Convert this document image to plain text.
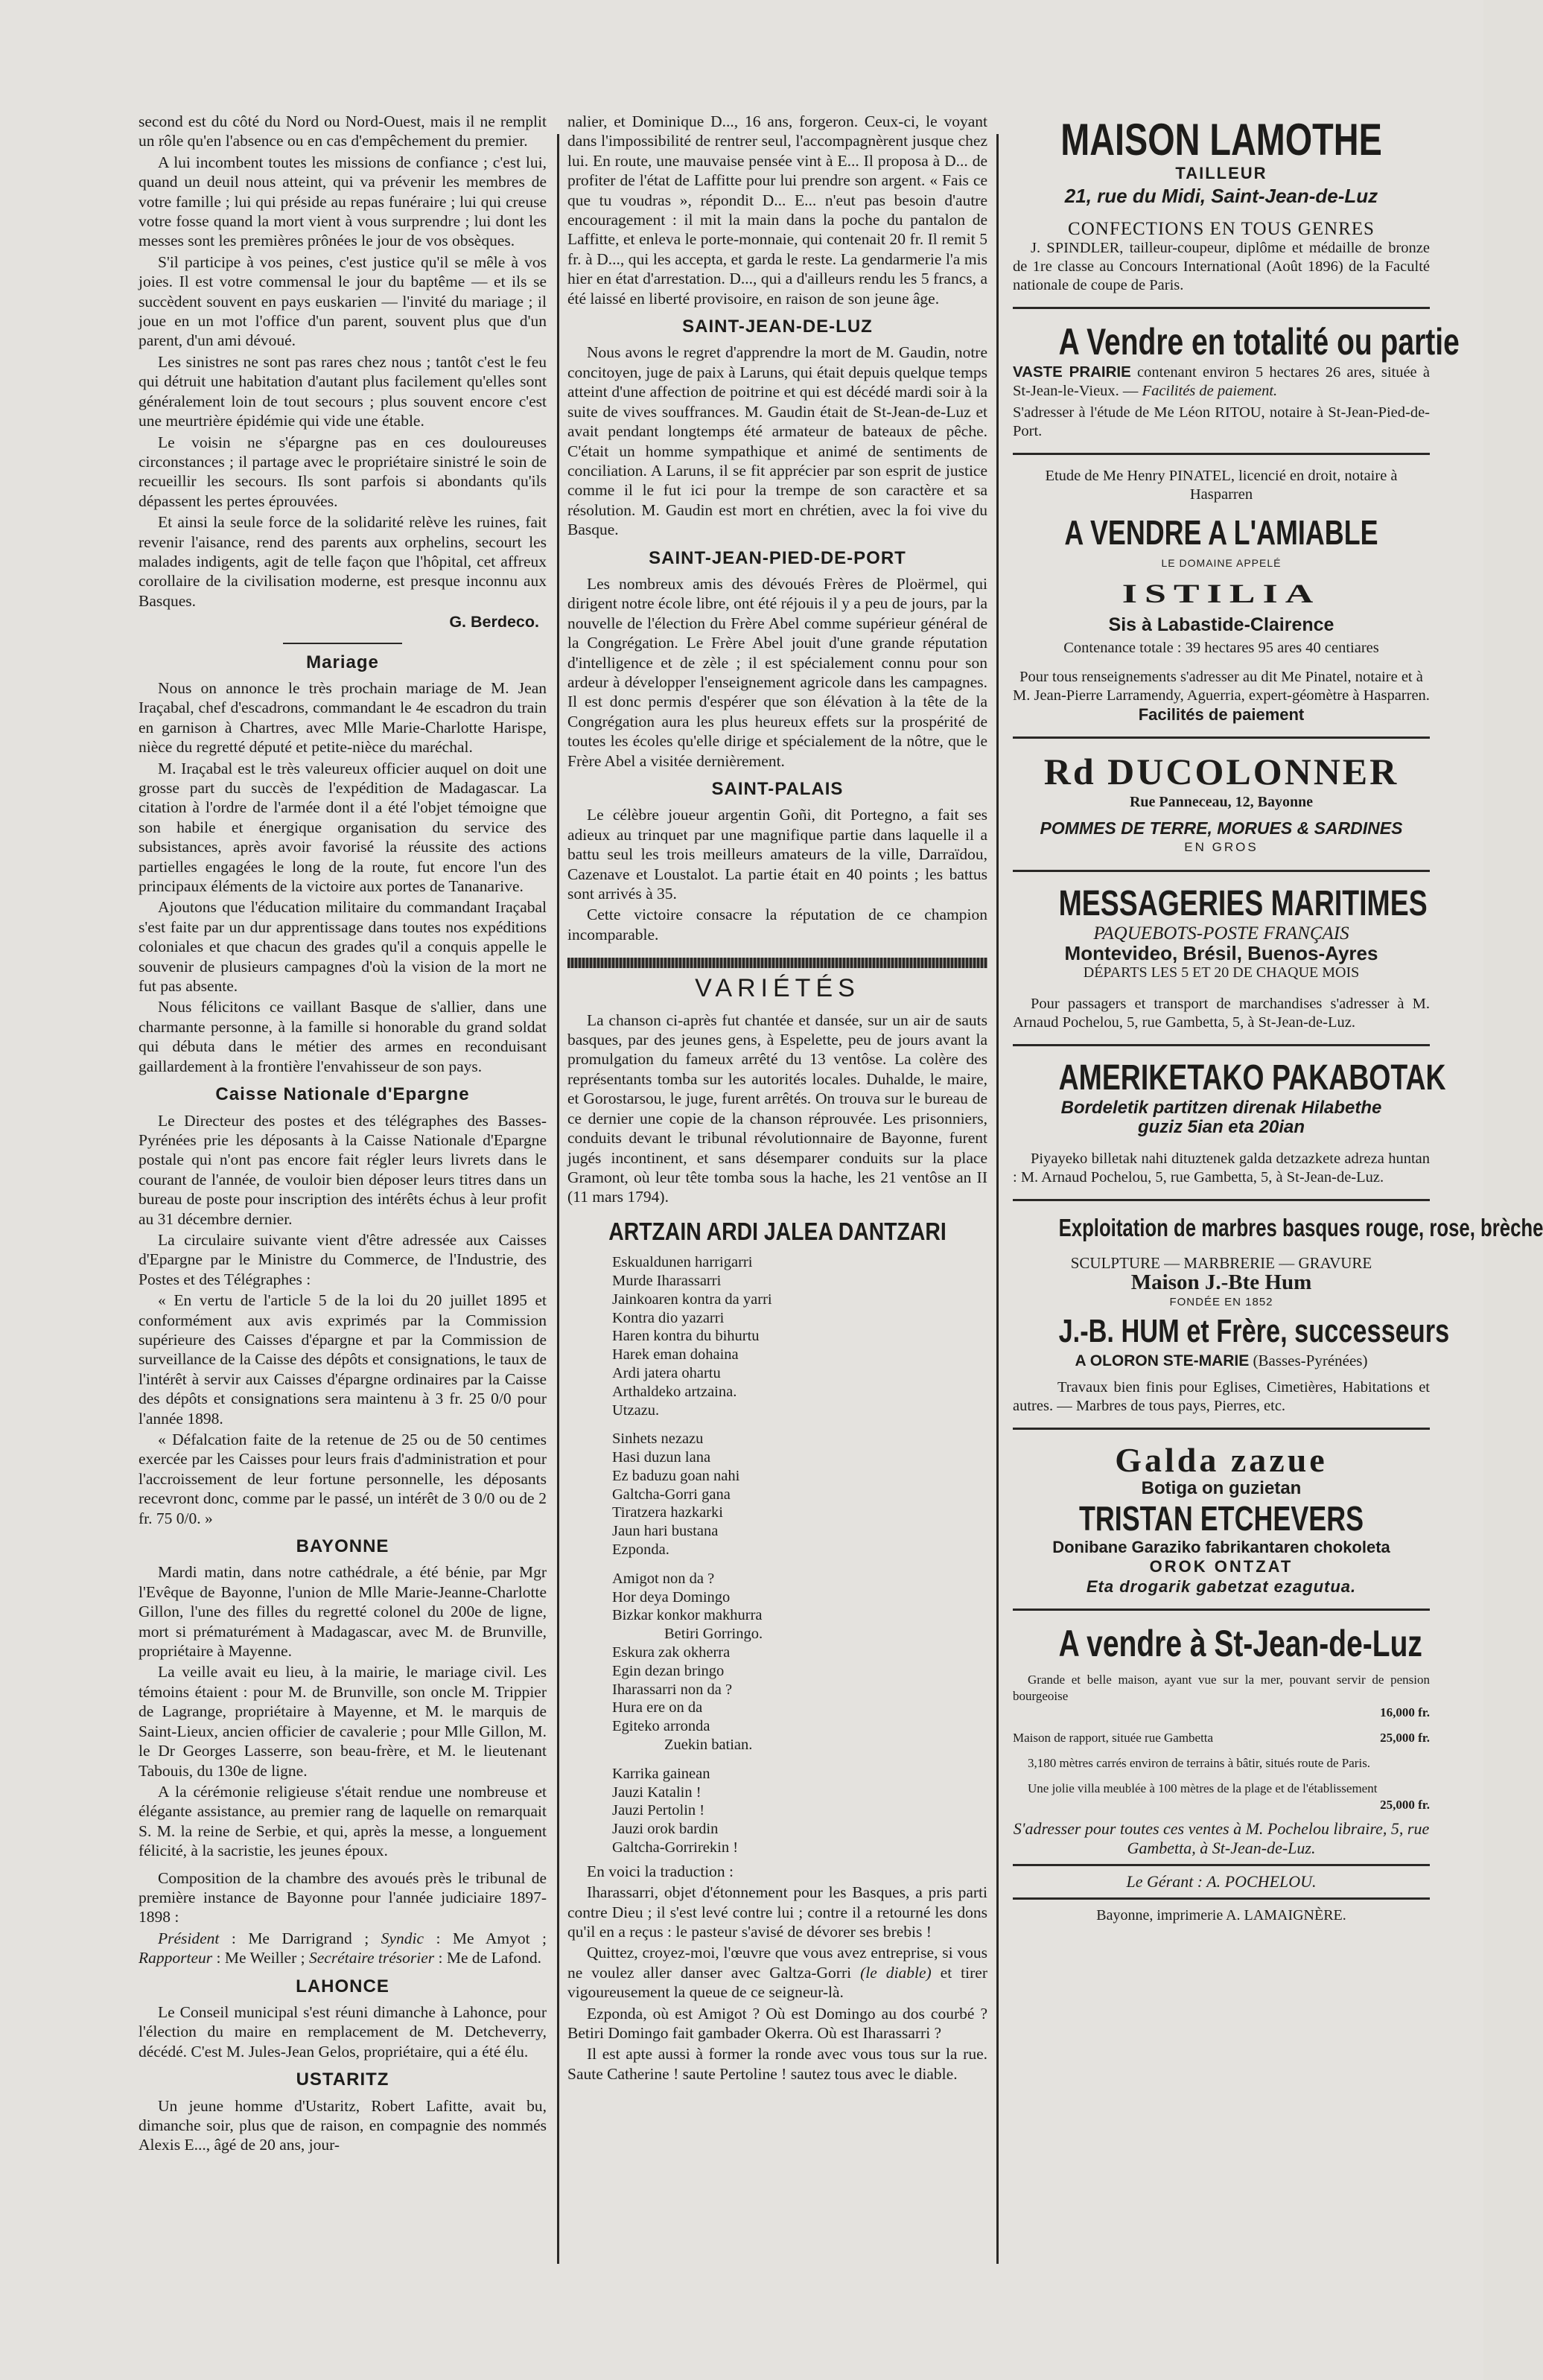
second est du côté du Nord ou Nord-Ouest, mais il ne remplit un rôle qu'en l'absence ou en cas d'empêchement du premier.

A lui incombent toutes les missions de confiance ; c'est lui, quand un deuil nous atteint, qui va prévenir les membres de votre famille ; lui qui préside au repas funéraire ; lui qui creuse votre fosse quand la mort vient à vous surprendre ; lui dont les messes sont les premières prônées le jour de vos obsèques.

S'il participe à vos peines, c'est justice qu'il se mêle à vos joies. Il est votre commensal le jour du baptême — et ils se succèdent souvent en pays euskarien — l'invité du mariage ; il joue en un mot l'office d'un parent, souvent plus que d'un parent, d'un ami dévoué.

Les sinistres ne sont pas rares chez nous ; tantôt c'est le feu qui détruit une habitation d'autant plus facilement qu'elles sont généralement loin de tout secours ; plus souvent encore c'est une meurtrière épidémie qui vide une étable.

Le voisin ne s'épargne pas en ces douloureuses circonstances ; il partage avec le propriétaire sinistré le soin de recueillir les secours. Ils sont parfois si abondants qu'ils dépassent les pertes éprouvées.

Et ainsi la seule force de la solidarité relève les ruines, fait revenir l'aisance, rend des parents aux orphelins, secourt les malades indigents, agit de telle façon que l'hôpital, cet affreux corollaire de la civilisation moderne, est presque inconnu aux Basques.

G. Berdeco.
Mariage

Nous on annonce le très prochain mariage de M. Jean Iraçabal, chef d'escadrons, commandant le 4e escadron du train en garnison à Chartres, avec Mlle Marie-Charlotte Harispe, nièce du regretté député et petite-nièce du maréchal.

M. Iraçabal est le très valeureux officier auquel on doit une grosse part du succès de l'expédition de Madagascar. La citation à l'ordre de l'armée dont il a été l'objet témoigne que son habile et énergique organisation du service des subsistances, après avoir favorisé la réussite des actions partielles engagées le long de la route, fut encore l'un des principaux éléments de la victoire aux portes de Tananarive.

Ajoutons que l'éducation militaire du commandant Iraçabal s'est faite par un dur apprentissage dans toutes nos expéditions coloniales et que chacun des grades qu'il a conquis appelle le souvenir de plusieurs campagnes d'où la vision de la mort ne fut pas absente.

Nous félicitons ce vaillant Basque de s'allier, dans une charmante personne, à la famille si honorable du grand soldat qui débuta dans le métier des armes en reconduisant gaillardement à la frontière l'envahisseur de son pays.

Caisse Nationale d'Epargne

Le Directeur des postes et des télégraphes des Basses-Pyrénées prie les déposants à la Caisse Nationale d'Epargne postale qui n'ont pas encore fait régler leurs livrets dans le courant de l'année, de vouloir bien déposer leurs titres dans un bureau de poste pour inscription des intérêts échus à leur profit au 31 décembre dernier.

La circulaire suivante vient d'être adressée aux Caisses d'Epargne par le Ministre du Commerce, de l'Industrie, des Postes et des Télégraphes :

« En vertu de l'article 5 de la loi du 20 juillet 1895 et conformément aux avis exprimés par la Commission supérieure des Caisses d'épargne et par la Commission de surveillance de la Caisse des dépôts et consignations, le taux de l'intérêt à servir aux Caisses d'épargne ordinaires par la Caisse des dépôts et consignations sera maintenu à 3 fr. 25 0/0 pour l'année 1898.

« Défalcation faite de la retenue de 25 ou de 50 centimes exercée par les Caisses pour leurs frais d'administration et pour l'accroissement de leur fortune personnelle, les déposants recevront donc, comme par le passé, un intérêt de 3 0/0 ou de 2 fr. 75 0/0. »

BAYONNE

Mardi matin, dans notre cathédrale, a été bénie, par Mgr l'Evêque de Bayonne, l'union de Mlle Marie-Jeanne-Charlotte Gillon, l'une des filles du regretté colonel du 200e de ligne, mort si prématurément à Madagascar, avec M. de Brunville, propriétaire à Mayenne.

La veille avait eu lieu, à la mairie, le mariage civil. Les témoins étaient : pour M. de Brunville, son oncle M. Trippier de Lagrange, propriétaire à Mayenne, et M. le marquis de Saint-Lieux, ancien officier de cavalerie ; pour Mlle Gillon, M. le Dr Georges Lasserre, son beau-frère, et M. le lieutenant Tabouis, du 130e de ligne.

A la cérémonie religieuse s'était rendue une nombreuse et élégante assistance, au premier rang de laquelle on remarquait S. M. la reine de Serbie, et qui, après la messe, a longuement félicité, à la sacristie, les jeunes époux.

Composition de la chambre des avoués près le tribunal de première instance de Bayonne pour l'année judiciaire 1897-1898 :

Président : Me Darrigrand ; Syndic : Me Amyot ; Rapporteur : Me Weiller ; Secrétaire trésorier : Me de Lafond.

LAHONCE

Le Conseil municipal s'est réuni dimanche à Lahonce, pour l'élection du maire en remplacement de M. Detcheverry, décédé. C'est M. Jules-Jean Gelos, propriétaire, qui a été élu.

USTARITZ

Un jeune homme d'Ustaritz, Robert Lafitte, avait bu, dimanche soir, plus que de raison, en compagnie des nommés Alexis E..., âgé de 20 ans, jour-

nalier, et Dominique D..., 16 ans, forgeron. Ceux-ci, le voyant dans l'impossibilité de rentrer seul, l'accompagnèrent jusque chez lui. En route, une mauvaise pensée vint à E... Il proposa à D... de profiter de l'état de Laffitte pour lui prendre son argent. « Fais ce que tu voudras », répondit D... E... n'eut pas besoin d'autre encouragement : il mit la main dans la poche du pantalon de Laffitte, et enleva le porte-monnaie, qui contenait 20 fr. Il remit 5 fr. à D..., qui les accepta, et garda le reste. La gendarmerie l'a mis hier en état d'arrestation. D..., qui a d'ailleurs rendu les 5 francs, a été laissé en liberté provisoire, en raison de son jeune âge.

SAINT-JEAN-DE-LUZ

Nous avons le regret d'apprendre la mort de M. Gaudin, notre concitoyen, juge de paix à Laruns, qui était depuis quelque temps atteint d'une affection de poitrine et qui est décédé mardi soir à la suite de vives souffrances. M. Gaudin était de St-Jean-de-Luz et avait pendant longtemps été armateur de bateaux de pêche. C'était un homme sympathique et animé de sentiments de conciliation. A Laruns, il se fit apprécier par son esprit de justice comme il le fut ici pour la trempe de son caractère et sa résolution. M. Gaudin est mort en chrétien, avec la foi vive du Basque.

SAINT-JEAN-PIED-DE-PORT

Les nombreux amis des dévoués Frères de Ploërmel, qui dirigent notre école libre, ont été réjouis il y a peu de jours, par la nouvelle de l'élection du Frère Abel comme supérieur général de la Congrégation. Le Frère Abel jouit d'une grande réputation d'intelligence et de zèle ; il est spécialement connu pour son ardeur à développer l'enseignement agricole dans les campagnes. Il est donc permis d'espérer que son élévation à la tête de la Congrégation aura les plus heureux effets sur la prospérité de toutes les écoles qu'elle dirige et spécialement de la nôtre, que le Frère Abel a visitée dernièrement.

SAINT-PALAIS

Le célèbre joueur argentin Goñi, dit Portegno, a fait ses adieux au trinquet par une magnifique partie dans laquelle il a battu seul les trois meilleurs amateurs de la ville, Darraïdou, Cazenave et Loustalot. La partie était en 40 points ; les battus sont arrivés à 35.

Cette victoire consacre la réputation de ce champion incomparable.

VARIÉTÉS

La chanson ci-après fut chantée et dansée, sur un air de sauts basques, par des jeunes gens, à Espelette, peu de jours avant la promulgation du fameux arrêté du 13 ventôse. La colère des représentants tomba sur les autorités locales. Duhalde, le maire, et Gorostarsou, le juge, furent arrêtés. On trouva sur le bureau de ce dernier une copie de la chanson réprouvée. Les prisonniers, conduits devant le tribunal révolutionnaire de Bayonne, furent jugés incontinent, et sans désemparer conduits sur la place Gramont, où leur tête tomba sous la hache, les 21 ventôse an II (11 mars 1794).

ARTZAIN ARDI JALEA DANTZARI
Eskualdunen harrigarri
Murde Iharassarri
Jainkoaren kontra da yarri
Kontra dio yazarri
Haren kontra du bihurtu
Harek eman dohaina
Ardi jatera ohartu
Arthaldeko artzaina.
Utzazu.
Sinhets nezazu
Hasi duzun lana
Ez baduzu goan nahi
Galtcha-Gorri gana
Tiratzera hazkarki
Jaun hari bustana
Ezponda.
Amigot non da ?
Hor deya Domingo
Bizkar konkor makhurra
Betiri Gorringo.
Eskura zak okherra
Egin dezan bringo
Iharassarri non da ?
Hura ere on da
Egiteko arronda
Zuekin batian.
Karrika gainean
Jauzi Katalin !
Jauzi Pertolin !
Jauzi orok bardin
Galtcha-Gorrirekin !

En voici la traduction :

Iharassarri, objet d'étonnement pour les Basques, a pris parti contre Dieu ; il s'est levé contre lui ; contre il a retourné les dons qu'il en a reçus : le pasteur s'avisé de dévorer ses brebis !

Quittez, croyez-moi, l'œuvre que vous avez entreprise, si vous ne voulez aller danser avec Galtza-Gorri (le diable) et tirer vigoureusement la queue de ce seigneur-là.

Ezponda, où est Amigot ? Où est Domingo au dos courbé ? Betiri Domingo fait gambader Okerra. Où est Iharassarri ?

Il est apte aussi à former la ronde avec vous tous sur la rue. Saute Catherine ! saute Pertoline ! sautez tous avec le diable.

MAISON LAMOTHE
TAILLEUR
21, rue du Midi, Saint-Jean-de-Luz
CONFECTIONS EN TOUS GENRES
J. SPINDLER, tailleur-coupeur, diplôme et médaille de bronze de 1re classe au Concours International (Août 1896) de la Faculté nationale de coupe de Paris.
A Vendre en totalité ou partie
VASTE PRAIRIE contenant environ 5 hectares 26 ares, située à St-Jean-le-Vieux. — Facilités de paiement.
S'adresser à l'étude de Me Léon RITOU, notaire à St-Jean-Pied-de-Port.
Etude de Me Henry PINATEL, licencié en droit, notaire à Hasparren
A VENDRE A L'AMIABLE
LE DOMAINE APPELÉ
ISTILIA
Sis à Labastide-Clairence
Contenance totale : 39 hectares 95 ares 40 centiares
Pour tous renseignements s'adresser au dit Me Pinatel, notaire et à M. Jean-Pierre Larramendy, Aguerria, expert-géomètre à Hasparren.
Facilités de paiement
Rd DUCOLONNER
Rue Panneceau, 12, Bayonne
POMMES DE TERRE, MORUES & SARDINES
EN GROS
MESSAGERIES MARITIMES
PAQUEBOTS-POSTE FRANÇAIS
Montevideo, Brésil, Buenos-Ayres
DÉPARTS LES 5 ET 20 DE CHAQUE MOIS
Pour passagers et transport de marchandises s'adresser à M. Arnaud Pochelou, 5, rue Gambetta, 5, à St-Jean-de-Luz.
AMERIKETAKO PAKABOTAK
Bordeletik partitzen direnak Hilabethe
guziz 5ian eta 20ian
Piyayeko billetak nahi dituztenek galda detzazkete adreza huntan : M. Arnaud Pochelou, 5, rue Gambetta, 5, à St-Jean-de-Luz.
Exploitation de marbres basques rouge, rose, brèche
SCULPTURE — MARBRERIE — GRAVURE
Maison J.-Bte Hum
FONDÉE EN 1852
J.-B. HUM et Frère, successeurs
A OLORON STE-MARIE (Basses-Pyrénées)
Travaux bien finis pour Eglises, Cimetières, Habitations et autres. — Marbres de tous pays, Pierres, etc.
Galda zazue
Botiga on guzietan
TRISTAN ETCHEVERS
Donibane Garaziko fabrikantaren chokoleta
OROK ONTZAT
Eta drogarik gabetzat ezagutua.
A vendre à St-Jean-de-Luz
Grande et belle maison, ayant vue sur la mer, pouvant servir de pension bourgeoise
16,000 fr.
Maison de rapport, située rue Gambetta	25,000 fr.
3,180 mètres carrés environ de terrains à bâtir, situés route de Paris.
Une jolie villa meublée à 100 mètres de la plage et de l'établissement
25,000 fr.
S'adresser pour toutes ces ventes à M. Pochelou libraire, 5, rue Gambetta, à St-Jean-de-Luz.
Le Gérant : A. POCHELOU.
Bayonne, imprimerie A. LAMAIGNÈRE.
